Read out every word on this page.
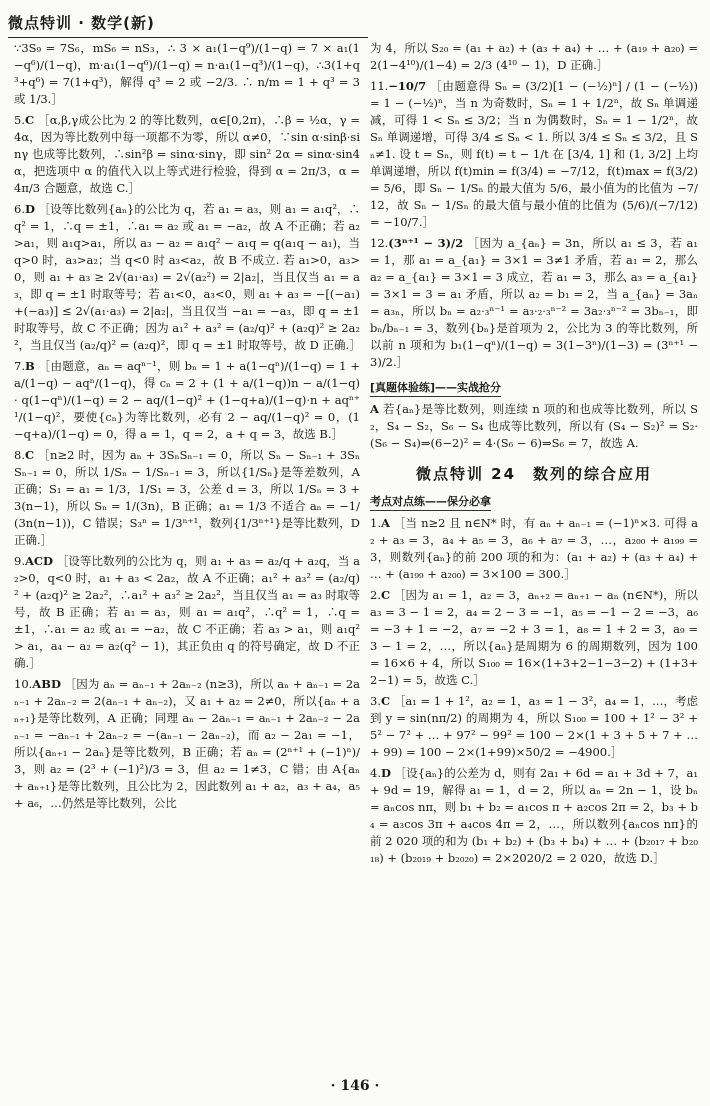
微点特训 · 数学(新)

∵3S₉ = 7S₆，mS₆ = nS₃，∴ 3 × a₁(1−q⁹)/(1−q) = 7 × a₁(1−q⁶)/(1−q)，m·a₁(1−q⁶)/(1−q) = n·a₁(1−q³)/(1−q)，∴3(1+q³+q⁶) = 7(1+q³)，解得 q³ = 2 或 −2/3. ∴ n/m = 1 + q³ = 3 或 1/3.］

5.C ［α,β,γ成公比为 2 的等比数列，α∈[0,2π)，∴β = ½α，γ = 4α，因为等比数列中每一项都不为零，所以 α≠0，∵sin α·sinβ·sinγ 也成等比数列，∴sin²β = sinα·sinγ，即 sin² 2α = sinα·sin4α，把选项中 α 的值代入以上等式进行检验，得到 α = 2π/3，α = 4π/3 合题意，故选 C.］

6.D ［设等比数列{aₙ}的公比为 q，若 a₁ = a₃，则 a₁ = a₁q²，∴q² = 1，∴q = ±1，∴a₁ = a₂ 或 a₁ = −a₂，故 A 不正确；若 a₂>a₁，则 a₁q>a₁，所以 a₃ − a₂ = a₁q² − a₁q = q(a₁q − a₁)，当 q>0 时，a₃>a₂；当 q<0 时 a₃<a₂，故 B 不成立. 若 a₁>0，a₃>0，则 a₁ + a₃ ≥ 2√(a₁·a₃) = 2√(a₂²) = 2|a₂|，当且仅当 a₁ = a₃，即 q = ±1 时取等号；若 a₁<0，a₃<0，则 a₁ + a₃ = −[(−a₁)+(−a₃)] ≤ 2√(a₁·a₃) = 2|a₂|，当且仅当 −a₁ = −a₃，即 q = ±1 时取等号，故 C 不正确；因为 a₁² + a₃² = (a₂/q)² + (a₂q)² ≥ 2a₂²，当且仅当 (a₂/q)² = (a₂q)²，即 q = ±1 时取等号，故 D 正确.］

7.B ［由题意，aₙ = aqⁿ⁻¹，则 bₙ = 1 + a(1−qⁿ)/(1−q) = 1 + a/(1−q) − aqⁿ/(1−q)，得 cₙ = 2 + (1 + a/(1−q))n − a/(1−q) · q(1−qⁿ)/(1−q) = 2 − aq/(1−q)² + (1−q+a)/(1−q)·n + aqⁿ⁺¹/(1−q)²，要使{cₙ}为等比数列，必有 2 − aq/(1−q)² = 0，(1−q+a)/(1−q) = 0，得 a = 1，q = 2，a + q = 3，故选 B.］

8.C ［n≥2 时，因为 aₙ + 3SₙSₙ₋₁ = 0，所以 Sₙ − Sₙ₋₁ + 3SₙSₙ₋₁ = 0，所以 1/Sₙ − 1/Sₙ₋₁ = 3，所以{1/Sₙ}是等差数列，A 正确；S₁ = a₁ = 1/3，1/S₁ = 3，公差 d = 3，所以 1/Sₙ = 3 + 3(n−1)，所以 Sₙ = 1/(3n)，B 正确；a₁ = 1/3 不适合 aₙ = −1/(3n(n−1))，C 错误；S₃ⁿ = 1/3ⁿ⁺¹，数列{1/3ⁿ⁺¹}是等比数列，D 正确.］

9.ACD ［设等比数列的公比为 q，则 a₁ + a₃ = a₂/q + a₂q，当 a₂>0，q<0 时，a₁ + a₃ < 2a₂，故 A 不正确；a₁² + a₃² = (a₂/q)² + (a₂q)² ≥ 2a₂²，∴a₁² + a₃² ≥ 2a₂²，当且仅当 a₁ = a₃ 时取等号，故 B 正确；若 a₁ = a₃，则 a₁ = a₁q²，∴q² = 1，∴q = ±1，∴a₁ = a₂ 或 a₁ = −a₂，故 C 不正确；若 a₃ > a₁，则 a₁q² > a₁，a₄ − a₂ = a₂(q² − 1)，其正负由 q 的符号确定，故 D 不正确.］

10.ABD ［因为 aₙ = aₙ₋₁ + 2aₙ₋₂ (n≥3)，所以 aₙ + aₙ₋₁ = 2aₙ₋₁ + 2aₙ₋₂ = 2(aₙ₋₁ + aₙ₋₂)，又 a₁ + a₂ = 2≠0，所以{aₙ + aₙ₊₁}是等比数列，A 正确；同理 aₙ − 2aₙ₋₁ = aₙ₋₁ + 2aₙ₋₂ − 2aₙ₋₁ = −aₙ₋₁ + 2aₙ₋₂ = −(aₙ₋₁ − 2aₙ₋₂)，而 a₂ − 2a₁ = −1，所以{aₙ₊₁ − 2aₙ}是等比数列，B 正确；若 aₙ = (2ⁿ⁺¹ + (−1)ⁿ)/3，则 a₂ = (2³ + (−1)²)/3 = 3，但 a₂ = 1≠3，C 错；由 A{aₙ + aₙ₊₁}是等比数列，且公比为 2，因此数列 a₁ + a₂，a₃ + a₄，a₅ + a₆，…仍然是等比数列，公比

为 4，所以 S₂₀ = (a₁ + a₂) + (a₃ + a₄) + … + (a₁₉ + a₂₀) = 2(1−4¹⁰)/(1−4) = 2/3 (4¹⁰ − 1)，D 正确.］

11.−10/7 ［由题意得 Sₙ = (3/2)[1 − (−½)ⁿ] / (1 − (−½)) = 1 − (−½)ⁿ，当 n 为奇数时，Sₙ = 1 + 1/2ⁿ，故 Sₙ 单调递减，可得 1 < Sₙ ≤ 3/2；当 n 为偶数时，Sₙ = 1 − 1/2ⁿ，故 Sₙ 单调递增，可得 3/4 ≤ Sₙ < 1. 所以 3/4 ≤ Sₙ ≤ 3/2，且 Sₙ≠1. 设 t = Sₙ，则 f(t) = t − 1/t 在 [3/4, 1] 和 (1, 3/2] 上均单调递增，所以 f(t)min = f(3/4) = −7/12，f(t)max = f(3/2) = 5/6，即 Sₙ − 1/Sₙ 的最大值为 5/6，最小值为的比值为 −7/12，故 Sₙ − 1/Sₙ 的最大值与最小值的比值为 (5/6)/(−7/12) = −10/7.］

12.(3ⁿ⁺¹ − 3)/2 ［因为 a_{aₙ} = 3n，所以 a₁ ≤ 3，若 a₁ = 1，那 a₁ = a_{a₁} = 3×1 = 3≠1 矛盾，若 a₁ = 2，那么 a₂ = a_{a₁} = 3×1 = 3 成立，若 a₁ = 3，那么 a₃ = a_{a₁} = 3×1 = 3 = a₁ 矛盾，所以 a₂ = b₁ = 2，当 a_{aₙ} = 3aₙ = a₃ₙ，所以 bₙ = a₂·₃ⁿ⁻¹ = a₃·₂·₃ⁿ⁻² = 3a₂·₃ⁿ⁻² = 3bₙ₋₁，即 bₙ/bₙ₋₁ = 3，数列{bₙ}是首项为 2，公比为 3 的等比数列，所以前 n 项和为 b₁(1−qⁿ)/(1−q) = 3(1−3ⁿ)/(1−3) = (3ⁿ⁺¹ − 3)/2.］

[真题体验练]——实战抢分

A 若{aₙ}是等比数列，则连续 n 项的和也成等比数列，所以 S₂，S₄ − S₂，S₆ − S₄ 也成等比数列，所以有 (S₄ − S₂)² = S₂·(S₆ − S₄)⇒(6−2)² = 4·(S₆ − 6)⇒S₆ = 7，故选 A.

微点特训 24　数列的综合应用
考点对点练——保分必拿

1.A ［当 n≥2 且 n∈N* 时，有 aₙ + aₙ₋₁ = (−1)ⁿ×3. 可得 a₂ + a₃ = 3，a₄ + a₅ = 3，a₆ + a₇ = 3，…，a₂₀₀ + a₁₉₉ = 3，则数列{aₙ}的前 200 项的和为：(a₁ + a₂) + (a₃ + a₄) + … + (a₁₉₉ + a₂₀₀) = 3×100 = 300.］

2.C ［因为 a₁ = 1，a₂ = 3，aₙ₊₂ = aₙ₊₁ − aₙ (n∈N*)，所以 a₃ = 3 − 1 = 2，a₄ = 2 − 3 = −1，a₅ = −1 − 2 = −3，a₆ = −3 + 1 = −2，a₇ = −2 + 3 = 1，a₈ = 1 + 2 = 3，a₉ = 3 − 1 = 2，…，所以{aₙ}是周期为 6 的周期数列，因为 100 = 16×6 + 4，所以 S₁₀₀ = 16×(1+3+2−1−3−2) + (1+3+2−1) = 5，故选 C.］

3.C ［a₁ = 1 + 1²，a₂ = 1，a₃ = 1 − 3²，a₄ = 1，…，考虑到 y = sin(nπ/2) 的周期为 4，所以 S₁₀₀ = 100 + 1² − 3² + 5² − 7² + … + 97² − 99² = 100 − 2×(1 + 3 + 5 + 7 + … + 99) = 100 − 2×(1+99)×50/2 = −4900.］

4.D ［设{aₙ}的公差为 d，则有 2a₁ + 6d = a₁ + 3d + 7，a₁ + 9d = 19，解得 a₁ = 1，d = 2，所以 aₙ = 2n − 1，设 bₙ = aₙcos nπ，则 b₁ + b₂ = a₁cos π + a₂cos 2π = 2，b₃ + b₄ = a₃cos 3π + a₄cos 4π = 2，…，所以数列{aₙcos nπ}的前 2 020 项的和为 (b₁ + b₂) + (b₃ + b₄) + … + (b₂₀₁₇ + b₂₀₁₈) + (b₂₀₁₉ + b₂₀₂₀) = 2×2020/2 = 2 020，故选 D.］

· 146 ·
